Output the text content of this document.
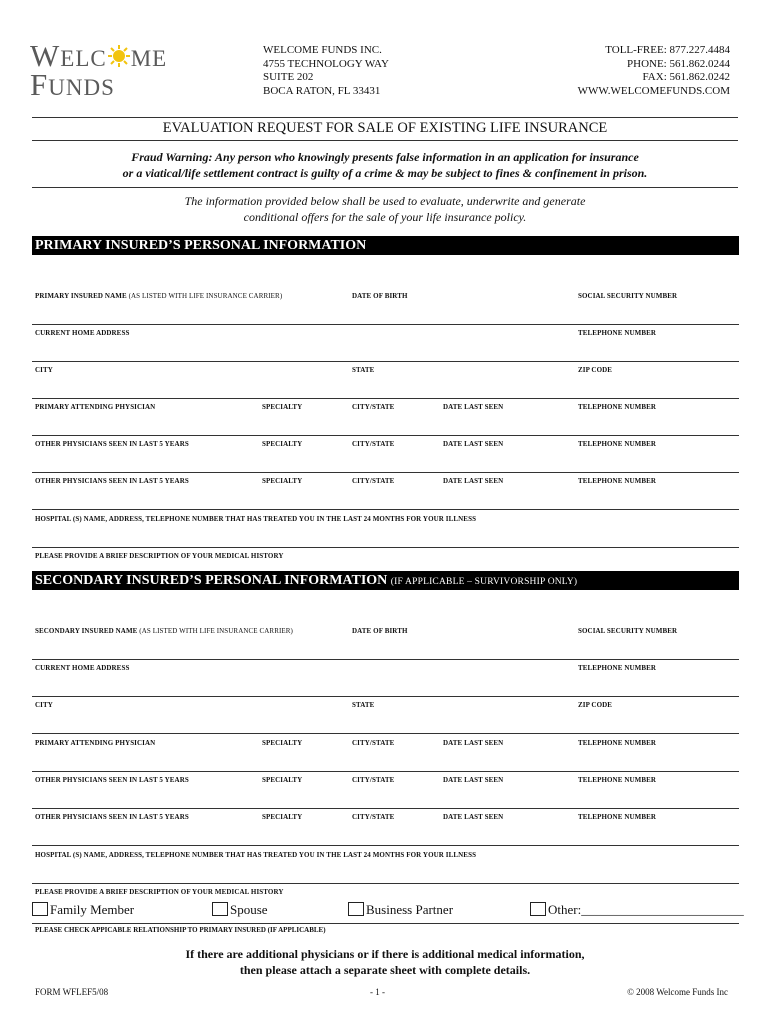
WELC ME
FUNDS
WELCOME FUNDS INC.
4755 TECHNOLOGY WAY
SUITE 202
BOCA RATON, FL 33431
TOLL-FREE: 877.227.4484
PHONE: 561.862.0244
FAX: 561.862.0242
WWW.WELCOMEFUNDS.COM
EVALUATION REQUEST FOR SALE OF EXISTING LIFE INSURANCE
Fraud Warning: Any person who knowingly presents false information in an application for insurance
or a viatical/life settlement contract is guilty of a crime & may be subject to fines & confinement in prison.
The information provided below shall be used to evaluate, underwrite and generate
conditional offers for the sale of your life insurance policy.
PRIMARY INSURED’S PERSONAL INFORMATION
PRIMARY INSURED NAME (AS LISTED WITH LIFE INSURANCE CARRIER)	DATE OF BIRTH	SOCIAL SECURITY NUMBER
CURRENT HOME ADDRESS	TELEPHONE NUMBER
CITY	STATE	ZIP CODE
PRIMARY ATTENDING PHYSICIAN	SPECIALTY	CITY/STATE	DATE LAST SEEN	TELEPHONE NUMBER
OTHER PHYSICIANS SEEN IN LAST 5 YEARS	SPECIALTY	CITY/STATE	DATE LAST SEEN	TELEPHONE NUMBER
OTHER PHYSICIANS SEEN IN LAST 5 YEARS	SPECIALTY	CITY/STATE	DATE LAST SEEN	TELEPHONE NUMBER
HOSPITAL (S) NAME, ADDRESS, TELEPHONE NUMBER THAT HAS TREATED YOU IN THE LAST 24 MONTHS FOR YOUR ILLNESS
PLEASE PROVIDE A BRIEF DESCRIPTION OF YOUR MEDICAL HISTORY
SECONDARY INSURED’S PERSONAL INFORMATION (IF APPLICABLE – SURVIVORSHIP ONLY)
SECONDARY INSURED NAME (AS LISTED WITH LIFE INSURANCE CARRIER)	DATE OF BIRTH	SOCIAL SECURITY NUMBER
CURRENT HOME ADDRESS	TELEPHONE NUMBER
CITY	STATE	ZIP CODE
PRIMARY ATTENDING PHYSICIAN	SPECIALTY	CITY/STATE	DATE LAST SEEN	TELEPHONE NUMBER
OTHER PHYSICIANS SEEN IN LAST 5 YEARS	SPECIALTY	CITY/STATE	DATE LAST SEEN	TELEPHONE NUMBER
OTHER PHYSICIANS SEEN IN LAST 5 YEARS	SPECIALTY	CITY/STATE	DATE LAST SEEN	TELEPHONE NUMBER
HOSPITAL (S) NAME, ADDRESS, TELEPHONE NUMBER THAT HAS TREATED YOU IN THE LAST 24 MONTHS FOR YOUR ILLNESS
PLEASE PROVIDE A BRIEF DESCRIPTION OF YOUR MEDICAL HISTORY
Family Member	Spouse	Business Partner	Other:_________________________
PLEASE CHECK APPICABLE RELATIONSHIP TO PRIMARY INSURED (IF APPLICABLE)
If there are additional physicians or if there is additional medical information,
then please attach a separate sheet with complete details.
FORM WFLEF5/08	- 1 -	© 2008 Welcome Funds Inc
